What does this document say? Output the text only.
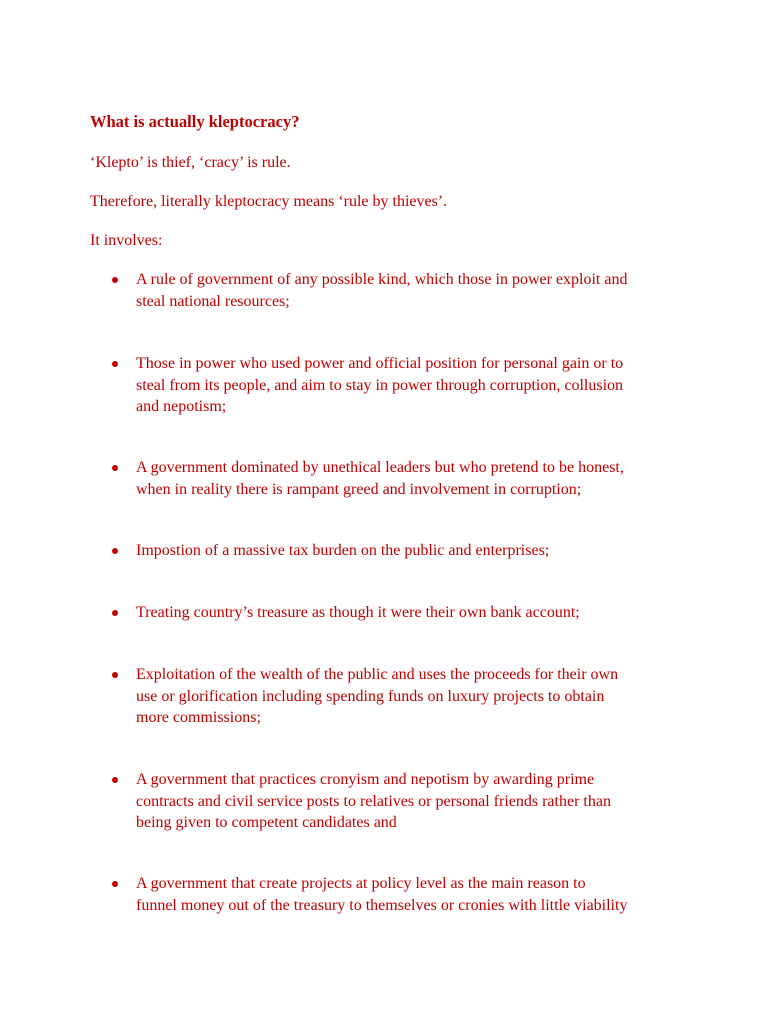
What is actually kleptocracy?

‘Klepto’ is thief, ‘cracy’ is rule.

Therefore, literally kleptocracy means ‘rule by thieves’.

It involves:

A rule of government of any possible kind, which those in power exploit and
steal national resources;
Those in power who used power and official position for personal gain or to
steal from its people, and aim to stay in power through corruption, collusion
and nepotism;
A government dominated by unethical leaders but who pretend to be honest,
when in reality there is rampant greed and involvement in corruption;
Impostion of a massive tax burden on the public and enterprises;
Treating country’s treasure as though it were their own bank account;
Exploitation of the wealth of the public and uses the proceeds for their own
use or glorification including spending funds on luxury projects to obtain
more commissions;
A government that practices cronyism and nepotism by awarding prime
contracts and civil service posts to relatives or personal friends rather than
being given to competent candidates and
A government that create projects at policy level as the main reason to
funnel money out of the treasury to themselves or cronies with little viability
